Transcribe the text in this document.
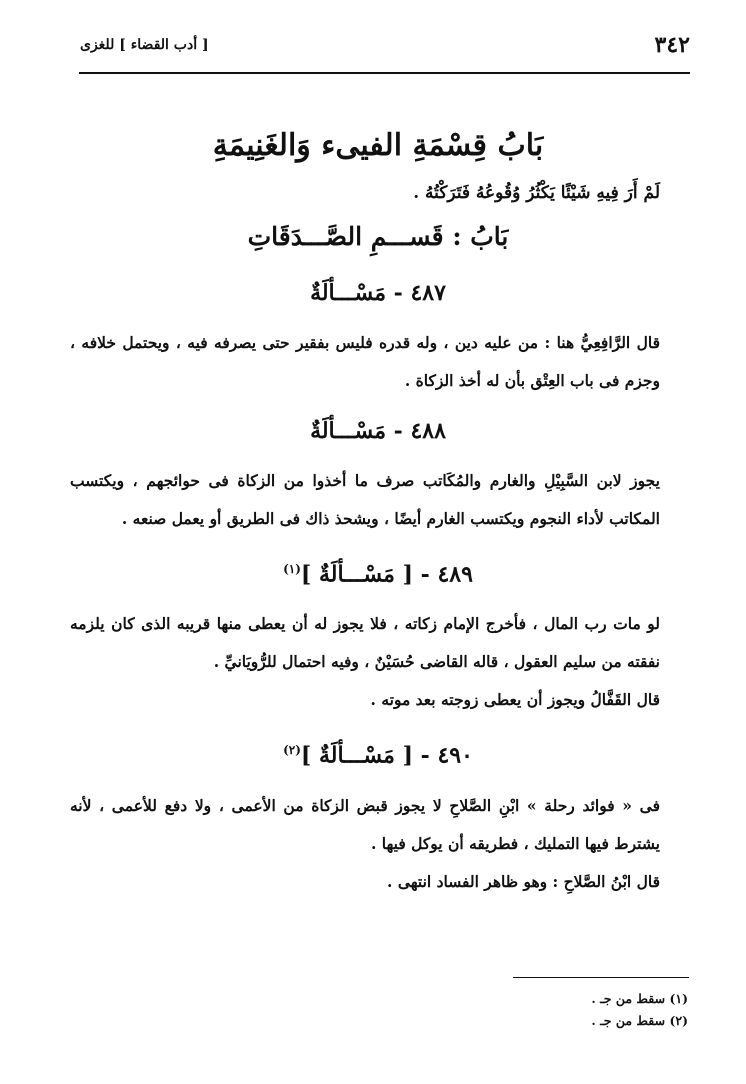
٣٤٢
[ أدب القضاء ] للغزى
بَابُ قِسْمَةِ الفيىء وَالغَنِيمَةِ

لَمْ أَرَ فِيهِ شَيْئًا يَكْثُرُ وُقُوعُهُ فَتَرَكْتُهُ .

بَابُ : قَســـمِ الصَّـــدَقَاتِ
٤٨٧ - مَسْـــألَةٌ

قال الرَّافِعِيُّ هنا : من عليه دين ، وله قدره فليس بفقير حتى يصرفه فيه ، ويحتمل خلافه ، وجزم فى باب العِتْق بأن له أخذ الزكاة .

٤٨٨ - مَسْـــألَةٌ

يجوز لابن السَّبِيْلِ والغارم والمُكَاتب صرف ما أخذوا من الزكاة فى حوائجهم ، ويكتسب المكاتب لأداء النجوم ويكتسب الغارم أيضًا ، ويشحذ ذاك فى الطريق أو يعمل صنعه .

٤٨٩ - [ مَسْـــألَةٌ ]$^{(١)}$

لو مات رب المال ، فأخرج الإمام زكاته ، فلا يجوز له أن يعطى منها قريبه الذى كان يلزمه نفقته من سليم العقول ، قاله القاضى حُسَيْنٌ ، وفيه احتمال للرُّويَانيِّ .

قال القَفَّالُ ويجوز أن يعطى زوجته بعد موته .

٤٩٠ - [ مَسْـــألَةٌ ]$^{(٢)}$

فى « فوائد رحلة » ابْنِ الصَّلاحِ لا يجوز قبض الزكاة من الأعمى ، ولا دفع للأعمى ، لأنه يشترط فيها التمليك ، فطريقه أن يوكل فيها .

قال ابْنُ الصَّلاحِ : وهو ظاهر الفساد انتهى .

(١) سقط من جـ .
(٢) سقط من جـ .
